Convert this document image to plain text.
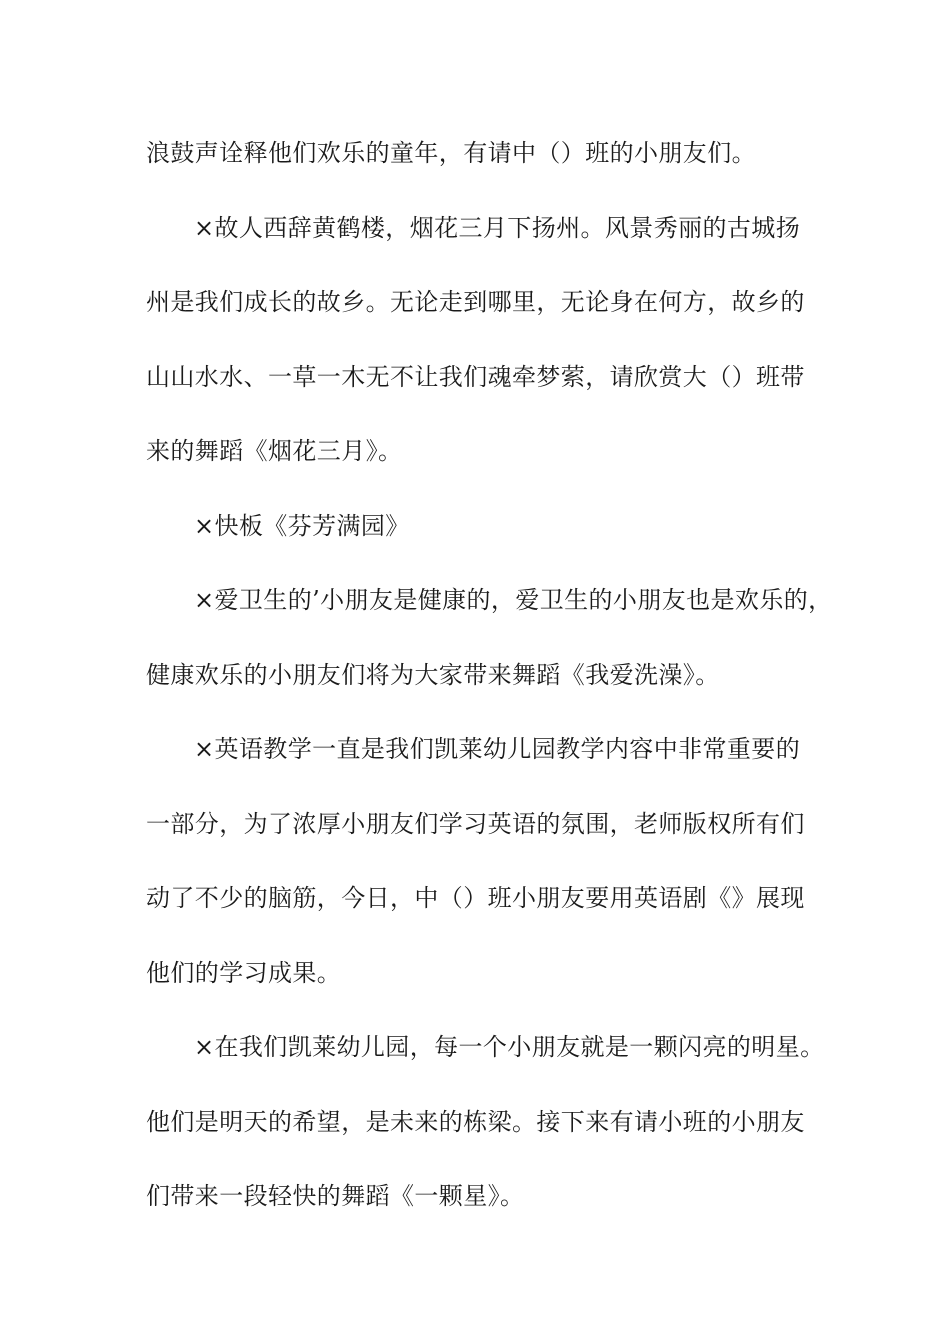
浪鼓声诠释他们欢乐的童年，有请中（）班的小朋友们。
×故人西辞黄鹤楼，烟花三月下扬州。风景秀丽的古城扬
州是我们成长的故乡。无论走到哪里，无论身在何方，故乡的
山山水水、一草一木无不让我们魂牵梦萦，请欣赏大（）班带
来的舞蹈《烟花三月》。
×快板《芬芳满园》
×爱卫生的’小朋友是健康的，爱卫生的小朋友也是欢乐的，
健康欢乐的小朋友们将为大家带来舞蹈《我爱洗澡》。
×英语教学一直是我们凯莱幼儿园教学内容中非常重要的
一部分，为了浓厚小朋友们学习英语的氛围，老师版权所有们
动了不少的脑筋，今日，中（）班小朋友要用英语剧《》展现
他们的学习成果。
×在我们凯莱幼儿园，每一个小朋友就是一颗闪亮的明星。
他们是明天的希望，是未来的栋梁。接下来有请小班的小朋友
们带来一段轻快的舞蹈《一颗星》。
